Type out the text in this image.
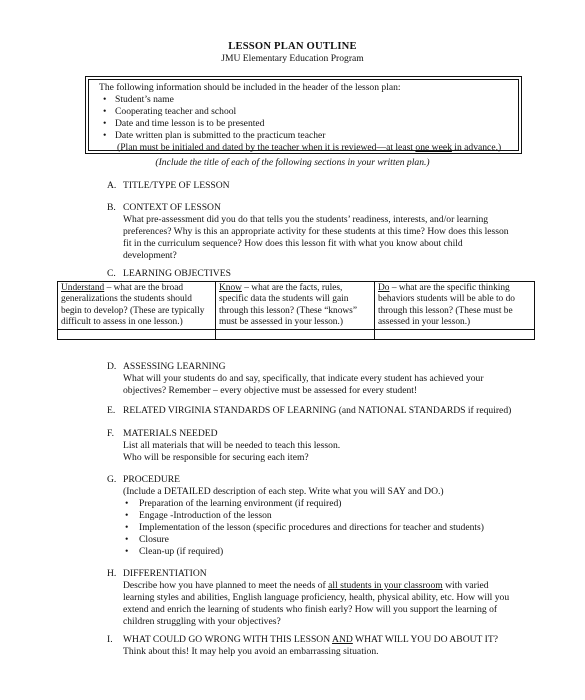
LESSON PLAN OUTLINE
JMU Elementary Education Program
The following information should be included in the header of the lesson plan:
• Student’s name
• Cooperating teacher and school
• Date and time lesson is to be presented
• Date written plan is submitted to the practicum teacher
(Plan must be initialed and dated by the teacher when it is reviewed—at least one week in advance.)
(Include the title of each of the following sections in your written plan.)
A. TITLE/TYPE OF LESSON
B. CONTEXT OF LESSON
What pre-assessment did you do that tells you the students’ readiness, interests, and/or learning
preferences? Why is this an appropriate activity for these students at this time? How does this lesson
fit in the curriculum sequence? How does this lesson fit with what you know about child
development?
C. LEARNING OBJECTIVES
Understand – what are the broad generalizations the students should begin to develop? (These are typically difficult to assess in one lesson.)	Know – what are the facts, rules, specific data the students will gain through this lesson? (These “knows” must be assessed in your lesson.)	Do – what are the specific thinking behaviors students will be able to do through this lesson? (These must be assessed in your lesson.)

D. ASSESSING LEARNING
What will your students do and say, specifically, that indicate every student has achieved your
objectives? Remember – every objective must be assessed for every student!
E. RELATED VIRGINIA STANDARDS OF LEARNING (and NATIONAL STANDARDS if required)
F. MATERIALS NEEDED
List all materials that will be needed to teach this lesson.
Who will be responsible for securing each item?
G. PROCEDURE
(Include a DETAILED description of each step. Write what you will SAY and DO.)
• Preparation of the learning environment (if required)
• Engage -Introduction of the lesson
• Implementation of the lesson (specific procedures and directions for teacher and students)
• Closure
• Clean-up (if required)
H. DIFFERENTIATION
Describe how you have planned to meet the needs of all students in your classroom with varied
learning styles and abilities, English language proficiency, health, physical ability, etc. How will you
extend and enrich the learning of students who finish early? How will you support the learning of
children struggling with your objectives?
I.	WHAT COULD GO WRONG WITH THIS LESSON AND WHAT WILL YOU DO ABOUT IT?
Think about this! It may help you avoid an embarrassing situation.
